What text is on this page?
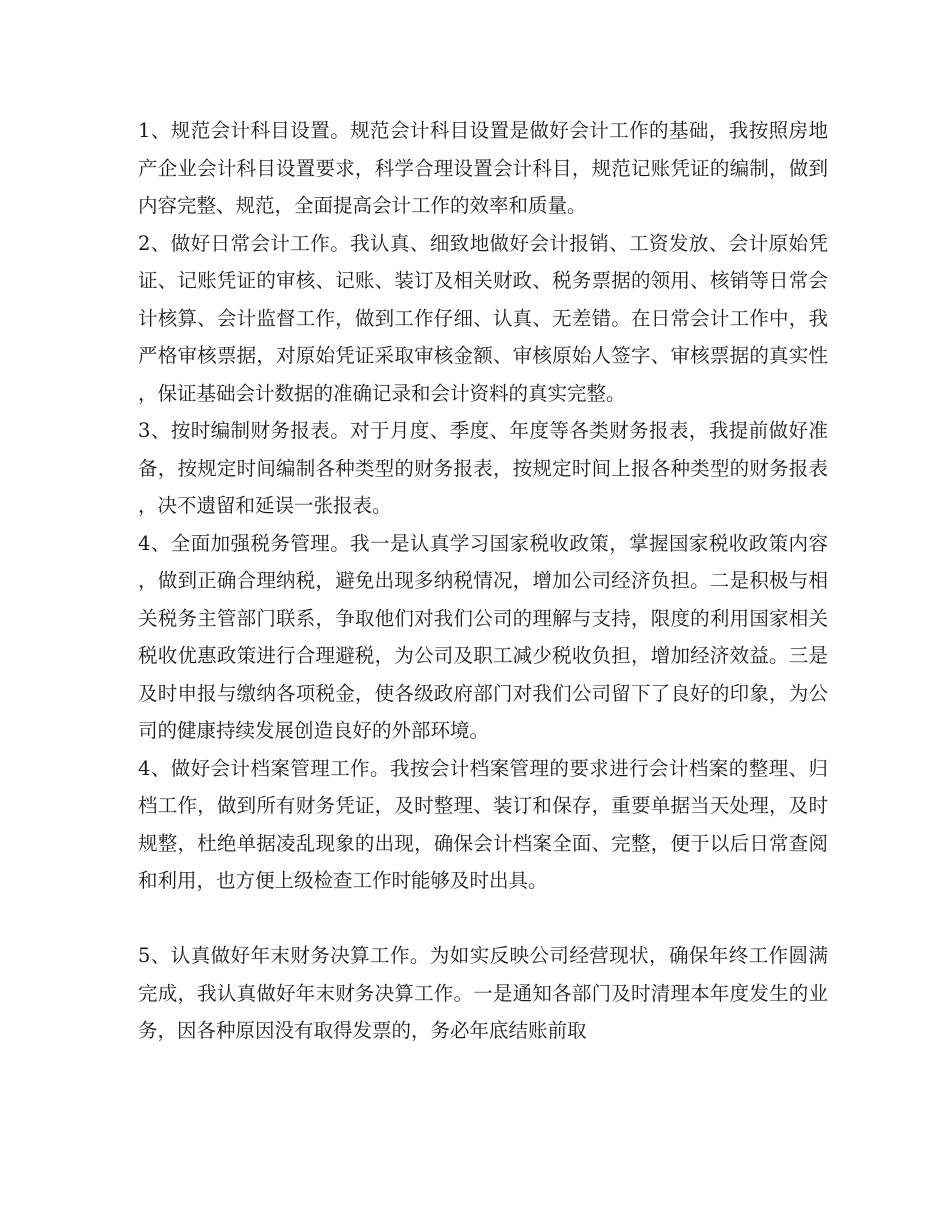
1、规范会计科目设置。规范会计科目设置是做好会计工作的基础，我按照房地产企业会计科目设置要求，科学合理设置会计科目，规范记账凭证的编制，做到内容完整、规范，全面提高会计工作的效率和质量。

2、做好日常会计工作。我认真、细致地做好会计报销、工资发放、会计原始凭证、记账凭证的审核、记账、装订及相关财政、税务票据的领用、核销等日常会计核算、会计监督工作，做到工作仔细、认真、无差错。在日常会计工作中，我严格审核票据，对原始凭证采取审核金额、审核原始人签字、审核票据的真实性，保证基础会计数据的准确记录和会计资料的真实完整。

3、按时编制财务报表。对于月度、季度、年度等各类财务报表，我提前做好准备，按规定时间编制各种类型的财务报表，按规定时间上报各种类型的财务报表，决不遗留和延误一张报表。

4、全面加强税务管理。我一是认真学习国家税收政策，掌握国家税收政策内容，做到正确合理纳税，避免出现多纳税情况，增加公司经济负担。二是积极与相关税务主管部门联系，争取他们对我们公司的理解与支持，限度的利用国家相关税收优惠政策进行合理避税，为公司及职工减少税收负担，增加经济效益。三是及时申报与缴纳各项税金，使各级政府部门对我们公司留下了良好的印象，为公司的健康持续发展创造良好的外部环境。

4、做好会计档案管理工作。我按会计档案管理的要求进行会计档案的整理、归档工作，做到所有财务凭证，及时整理、装订和保存，重要单据当天处理，及时规整，杜绝单据凌乱现象的出现，确保会计档案全面、完整，便于以后日常查阅和利用，也方便上级检查工作时能够及时出具。

5、认真做好年末财务决算工作。为如实反映公司经营现状，确保年终工作圆满完成，我认真做好年末财务决算工作。一是通知各部门及时清理本年度发生的业务，因各种原因没有取得发票的，务必年底结账前取
